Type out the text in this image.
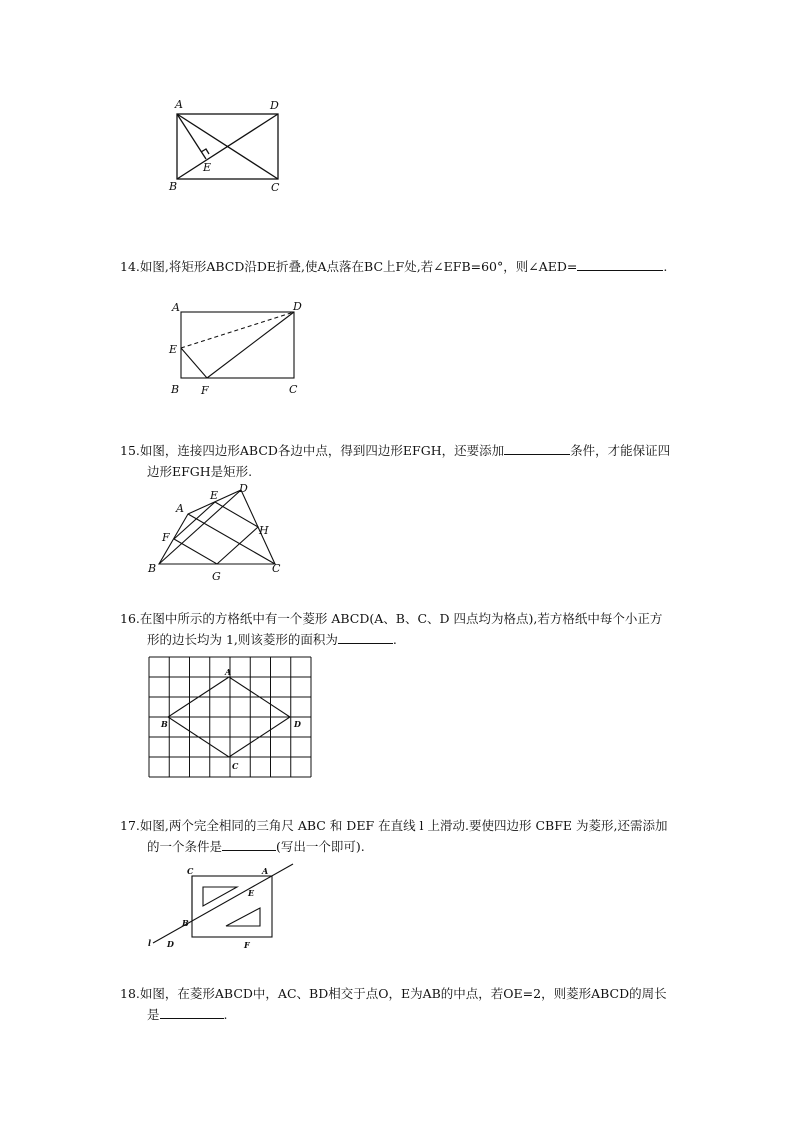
A	D
B	C
E
14.如图,将矩形ABCD沿DE折叠,使A点落在BC上F处,若∠EFB=60°，则∠AED=	.
A	D
E
B F	C
15.如图，连接四边形ABCD各边中点，得到四边形EFGH，还要添加	条件，才能保证四
边形EFGH是矩形.
A
E
D
F
H
B
G
C
16.在图中所示的方格纸中有一个菱形 ABCD(A、B、C、D 四点均为格点),若方格纸中每个小正方
形的边长均为 1,则该菱形的面积为	.
A
B
C
D
17.如图,两个完全相同的三角尺 ABC 和 DEF 在直线 l 上滑动.要使四边形 CBFE 为菱形,还需添加
的一个条件是	(写出一个即可).
C	A
E
B
l D	F
18.如图，在菱形ABCD中，AC、BD相交于点O，E为AB的中点，若OE=2，则菱形ABCD的周长
是	.
